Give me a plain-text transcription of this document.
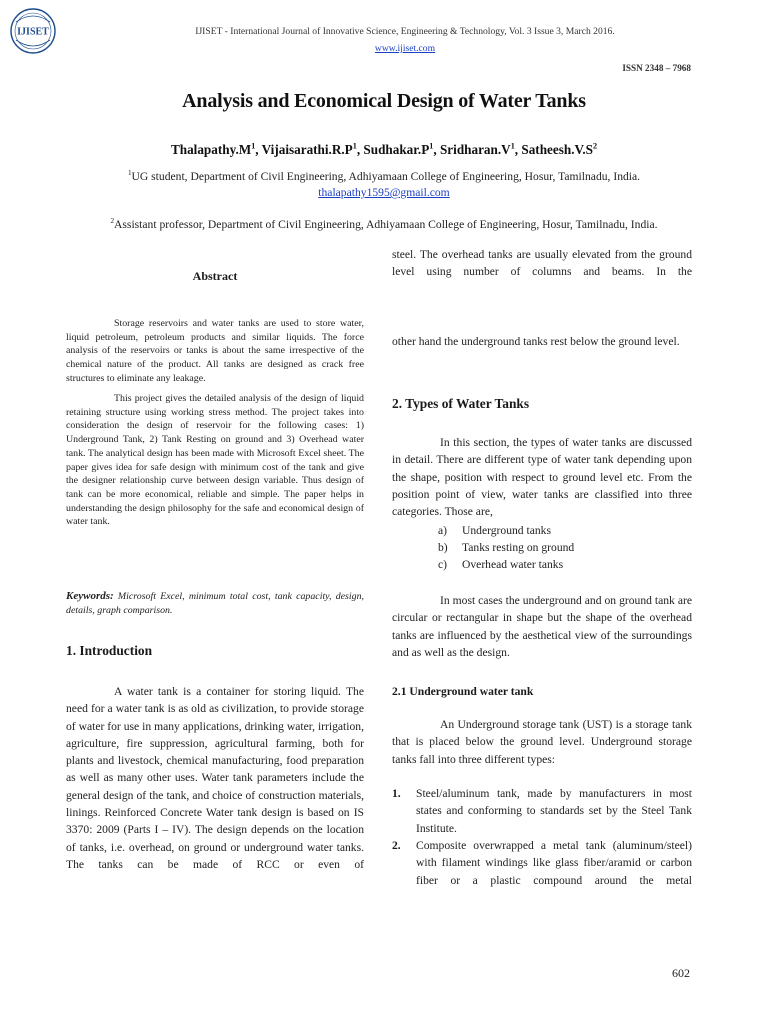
IJISET	IJISET - International Journal of Innovative Science, Engineering & Technology, Vol. 3 Issue 3, March 2016.
www.ijiset.com
ISSN 2348 – 7968
Analysis and Economical Design of Water Tanks
$Thalapathy.M^1$, $Vijaisarathi.R.P^1$, $Sudhakar.P^1$, $Sridharan.V^1$, $Satheesh.V.S^2$
$^1$UG student, Department of Civil Engineering, Adhiyamaan College of Engineering, Hosur, Tamilnadu, India.
thalapathy1595@gmail.com
$^2$Assistant professor, Department of Civil Engineering, Adhiyamaan College of Engineering, Hosur, Tamilnadu, India.
Abstract

Storage reservoirs and water tanks are used to store water, liquid petroleum, petroleum products and similar liquids. The force analysis of the reservoirs or tanks is about the same irrespective of the chemical nature of the product. All tanks are designed as crack free structures to eliminate any leakage.

This project gives the detailed analysis of the design of liquid retaining structure using working stress method. The project takes into consideration the design of reservoir for the following cases: 1) Underground Tank, 2) Tank Resting on ground and 3) Overhead water tank. The analytical design has been made with Microsoft Excel sheet. The paper gives idea for safe design with minimum cost of the tank and give the designer relationship curve between design variable. Thus design of tank can be more economical, reliable and simple. The paper helps in understanding the design philosophy for the safe and economical design of water tank.

Keywords: Microsoft Excel, minimum total cost, tank capacity, design, details, graph comparison.
1. Introduction

A water tank is a container for storing liquid. The need for a water tank is as old as civilization, to provide storage of water for use in many applications, drinking water, irrigation, agriculture, fire suppression, agricultural farming, both for plants and livestock, chemical manufacturing, food preparation as well as many other uses. Water tank parameters include the general design of the tank, and choice of construction materials, linings. Reinforced Concrete Water tank design is based on IS 3370: 2009 (Parts I – IV). The design depends on the location of tanks, i.e. overhead, on ground or underground water tanks. The tanks can be made of RCC or even of

steel. The overhead tanks are usually elevated from the ground level using number of columns and beams. In the

other hand the underground tanks rest below the ground level.

2. Types of Water Tanks

In this section, the types of water tanks are discussed in detail. There are different type of water tank depending upon the shape, position with respect to ground level etc. From the position point of view, water tanks are classified into three categories. Those are,

a) Underground tanks
b) Tanks resting on ground
c) Overhead water tanks

In most cases the underground and on ground tank are circular or rectangular in shape but the shape of the overhead tanks are influenced by the aesthetical view of the surroundings and as well as the design.

2.1 Underground water tank

An Underground storage tank (UST) is a storage tank that is placed below the ground level. Underground storage tanks fall into three different types:

1. Steel/aluminum tank, made by manufacturers in most states and conforming to standards set by the Steel Tank Institute.

2. Composite overwrapped a metal tank (aluminum/steel) with filament windings like glass fiber/aramid or carbon fiber or a plastic compound around the metal

602
